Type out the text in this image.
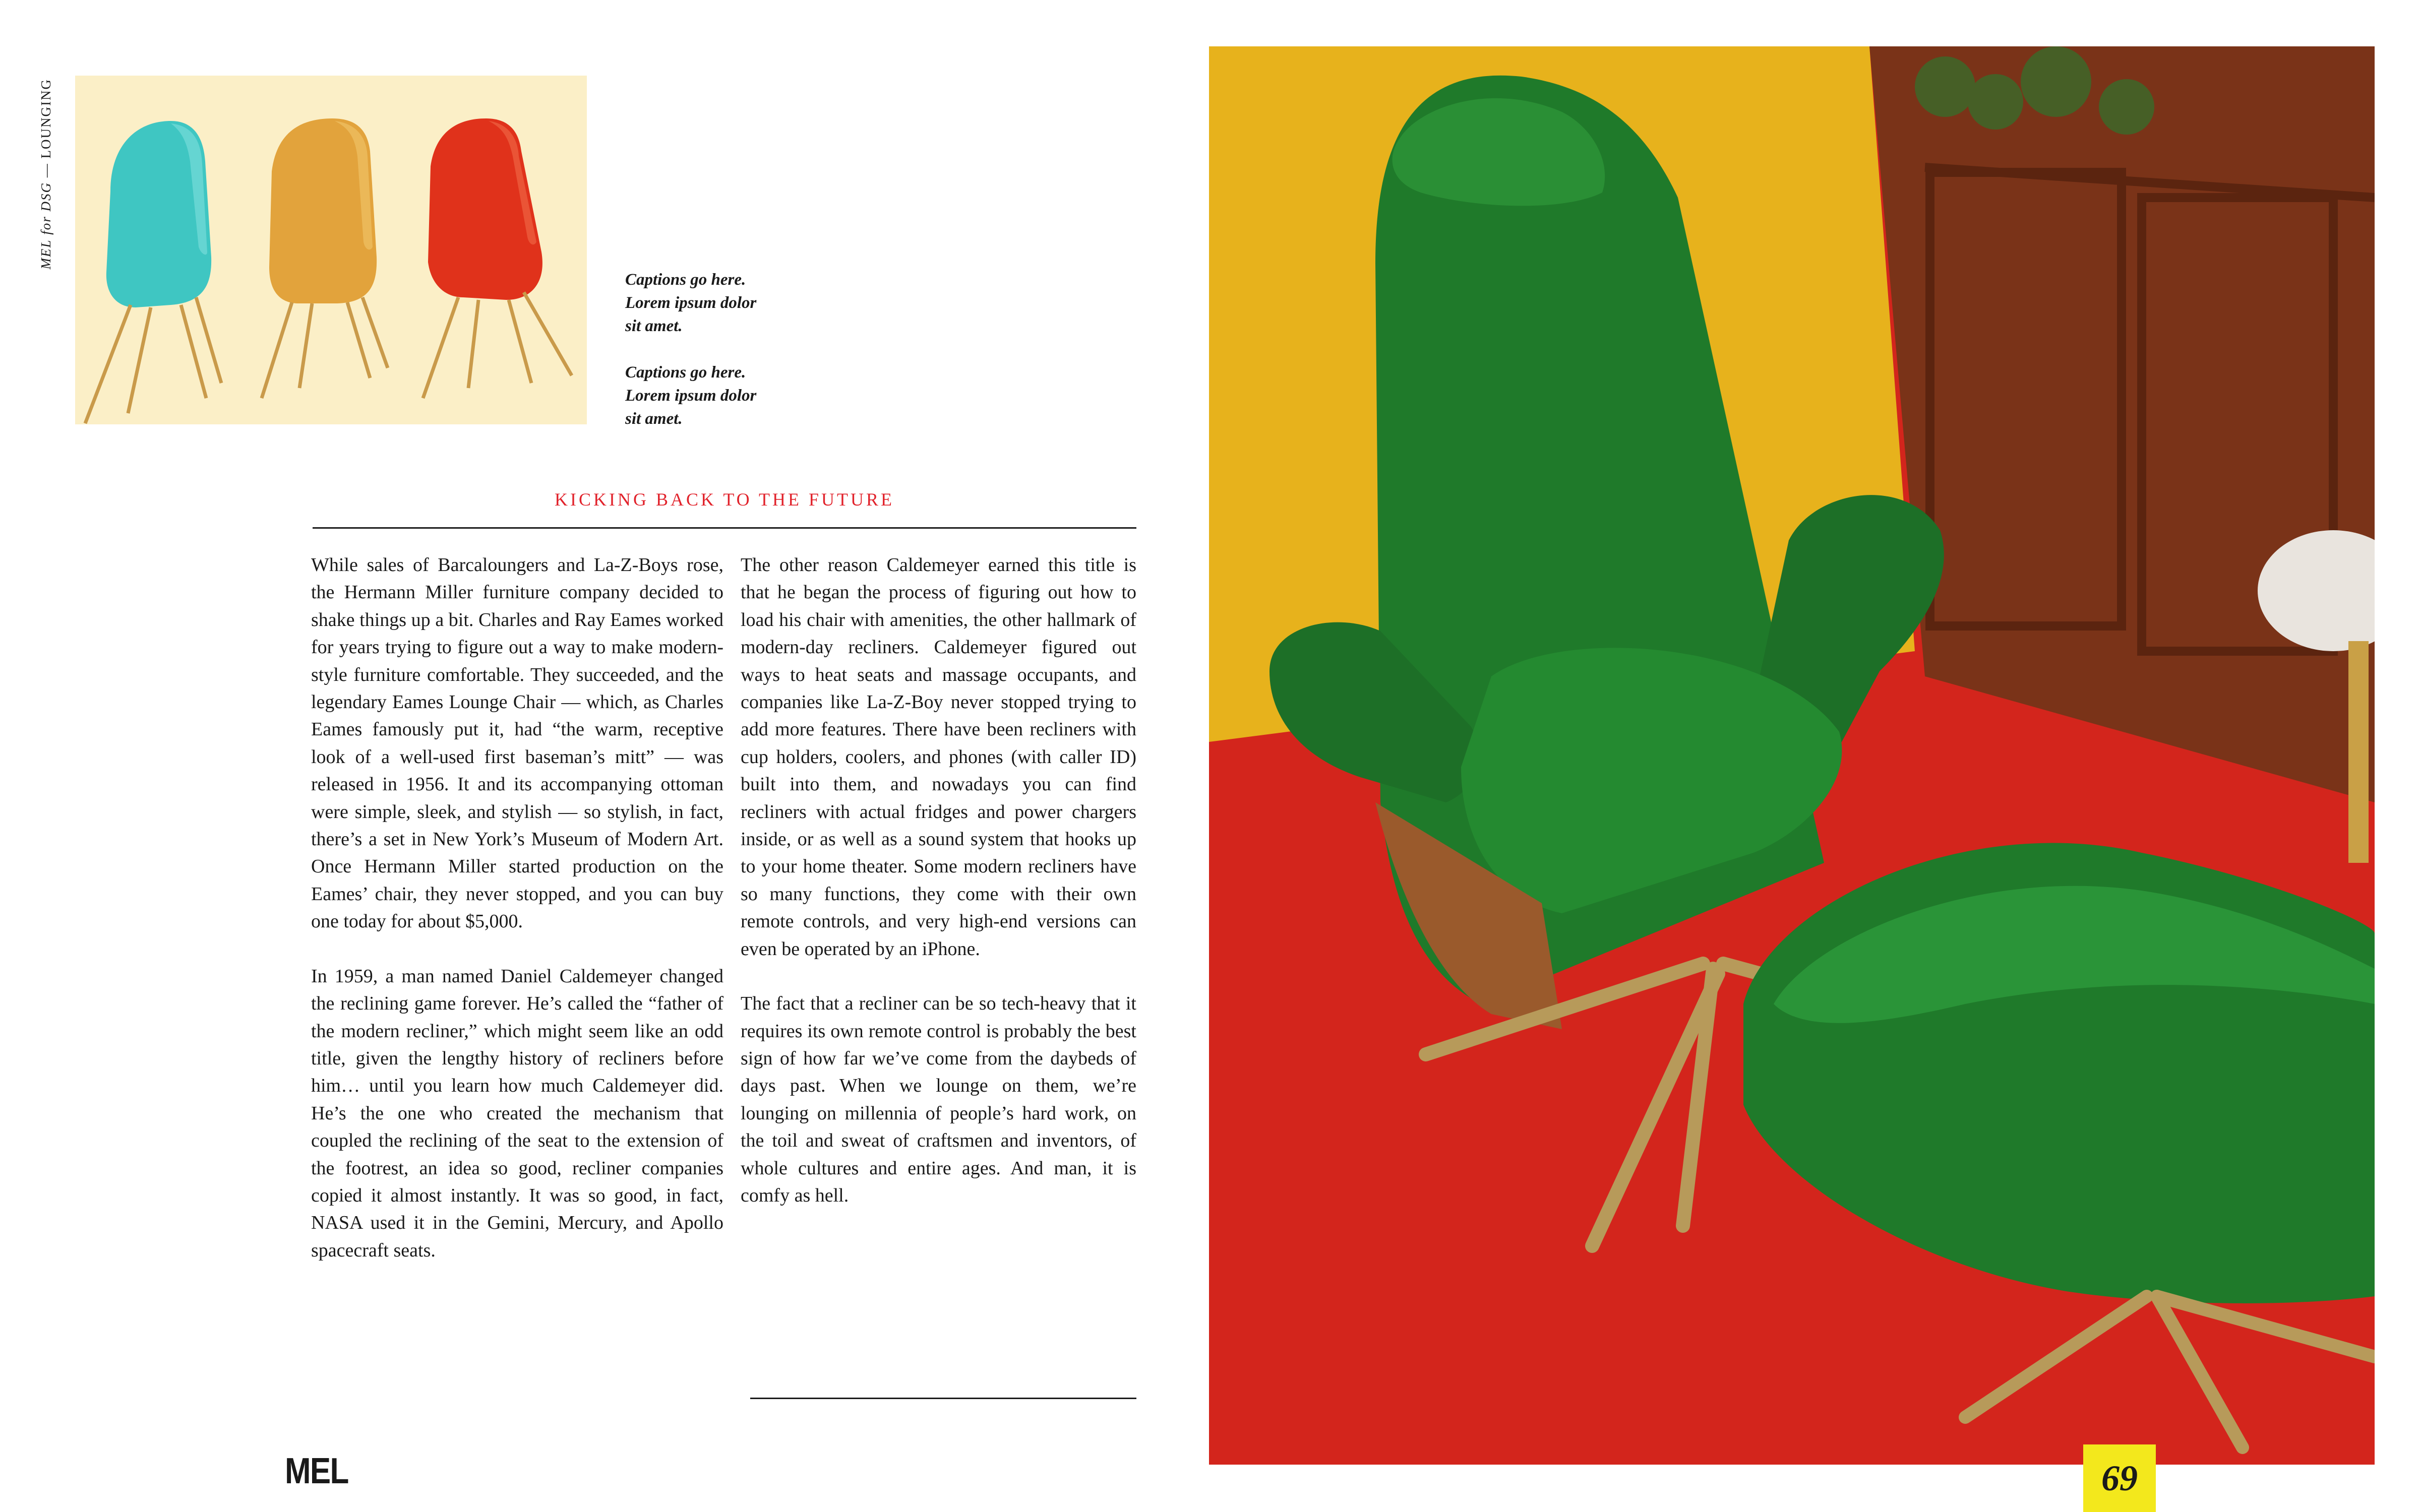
MEL for DSG — LOUNGING

Captions go here.
Lorem ipsum dolor
sit amet.

Captions go here.
Lorem ipsum dolor
sit amet.

KICKING BACK TO THE FUTURE

While sales of Barcaloungers and La-Z-Boys rose, the Hermann Miller furniture company decided to shake things up a bit. Charles and Ray Eames worked for years trying to figure out a way to make modern-style furniture comfortable. They succeeded, and the legendary Eames Lounge Chair — which, as Charles Eames famously put it, had “the warm, receptive look of a well-used first baseman’s mitt” — was released in 1956. It and its accompanying ottoman were simple, sleek, and stylish — so stylish, in fact, there’s a set in New York’s Museum of Modern Art. Once Hermann Miller started production on the Eames’ chair, they never stopped, and you can buy one today for about $5,000.

In 1959, a man named Daniel Caldemeyer changed the reclining game forever. He’s called the “father of the modern recliner,” which might seem like an odd title, given the lengthy history of recliners before him… until you learn how much Caldemeyer did. He’s the one who created the mechanism that coupled the reclining of the seat to the extension of the footrest, an idea so good, recliner companies copied it almost instantly. It was so good, in fact, NASA used it in the Gemini, Mercury, and Apollo spacecraft seats.

The other reason Caldemeyer earned this title is that he began the process of figuring out how to load his chair with amenities, the other hallmark of modern-day recliners. Caldemeyer figured out ways to heat seats and massage occupants, and companies like La-Z-Boy never stopped trying to add more features. There have been recliners with cup holders, coolers, and phones (with caller ID) built into them, and nowadays you can find recliners with actual fridges and power chargers inside, or as well as a sound system that hooks up to your home theater. Some modern recliners have so many functions, they come with their own remote controls, and very high-end versions can even be operated by an iPhone.

The fact that a recliner can be so tech-heavy that it requires its own remote control is probably the best sign of how far we’ve come from the daybeds of days past. When we lounge on them, we’re lounging on millennia of people’s hard work, on the toil and sweat of craftsmen and inventors, of whole cultures and entire ages. And man, it is comfy as hell.

MEL	69
